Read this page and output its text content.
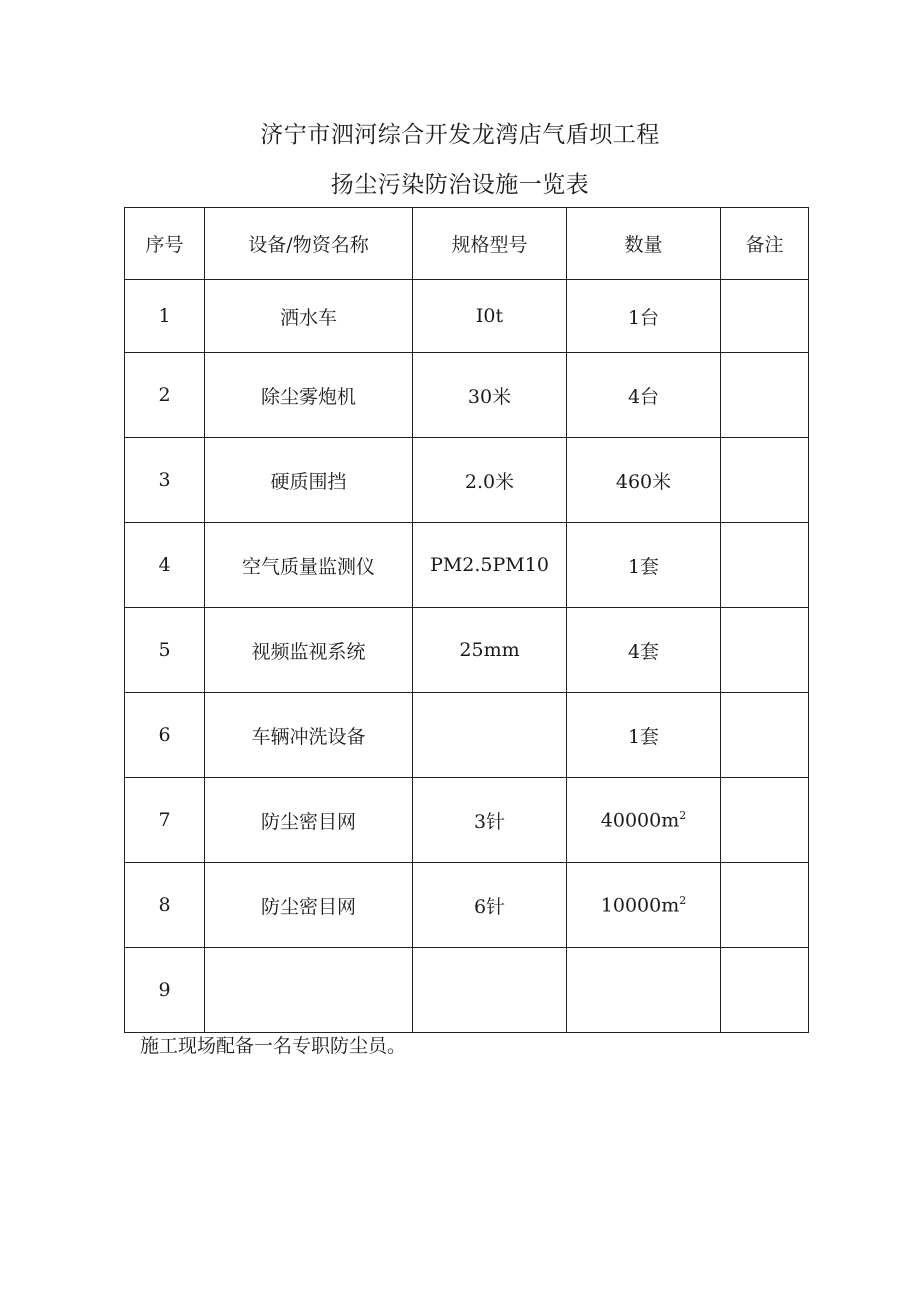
济宁市泗河综合开发龙湾店气盾坝工程
扬尘污染防治设施一览表
序号	设备/物资名称	规格型号	数量	备注
1	洒水车	I0t	1台	
2	除尘雾炮机	30米	4台	
3	硬质围挡	2.0米	460米	
4	空气质量监测仪	PM2.5PM10	1套	
5	视频监视系统	25mm	4套	
6	车辆冲洗设备		1套	
7	防尘密目网	3针	$40000m^2$	
8	防尘密目网	6针	$10000m^2$	
9				
施工现场配备一名专职防尘员。
